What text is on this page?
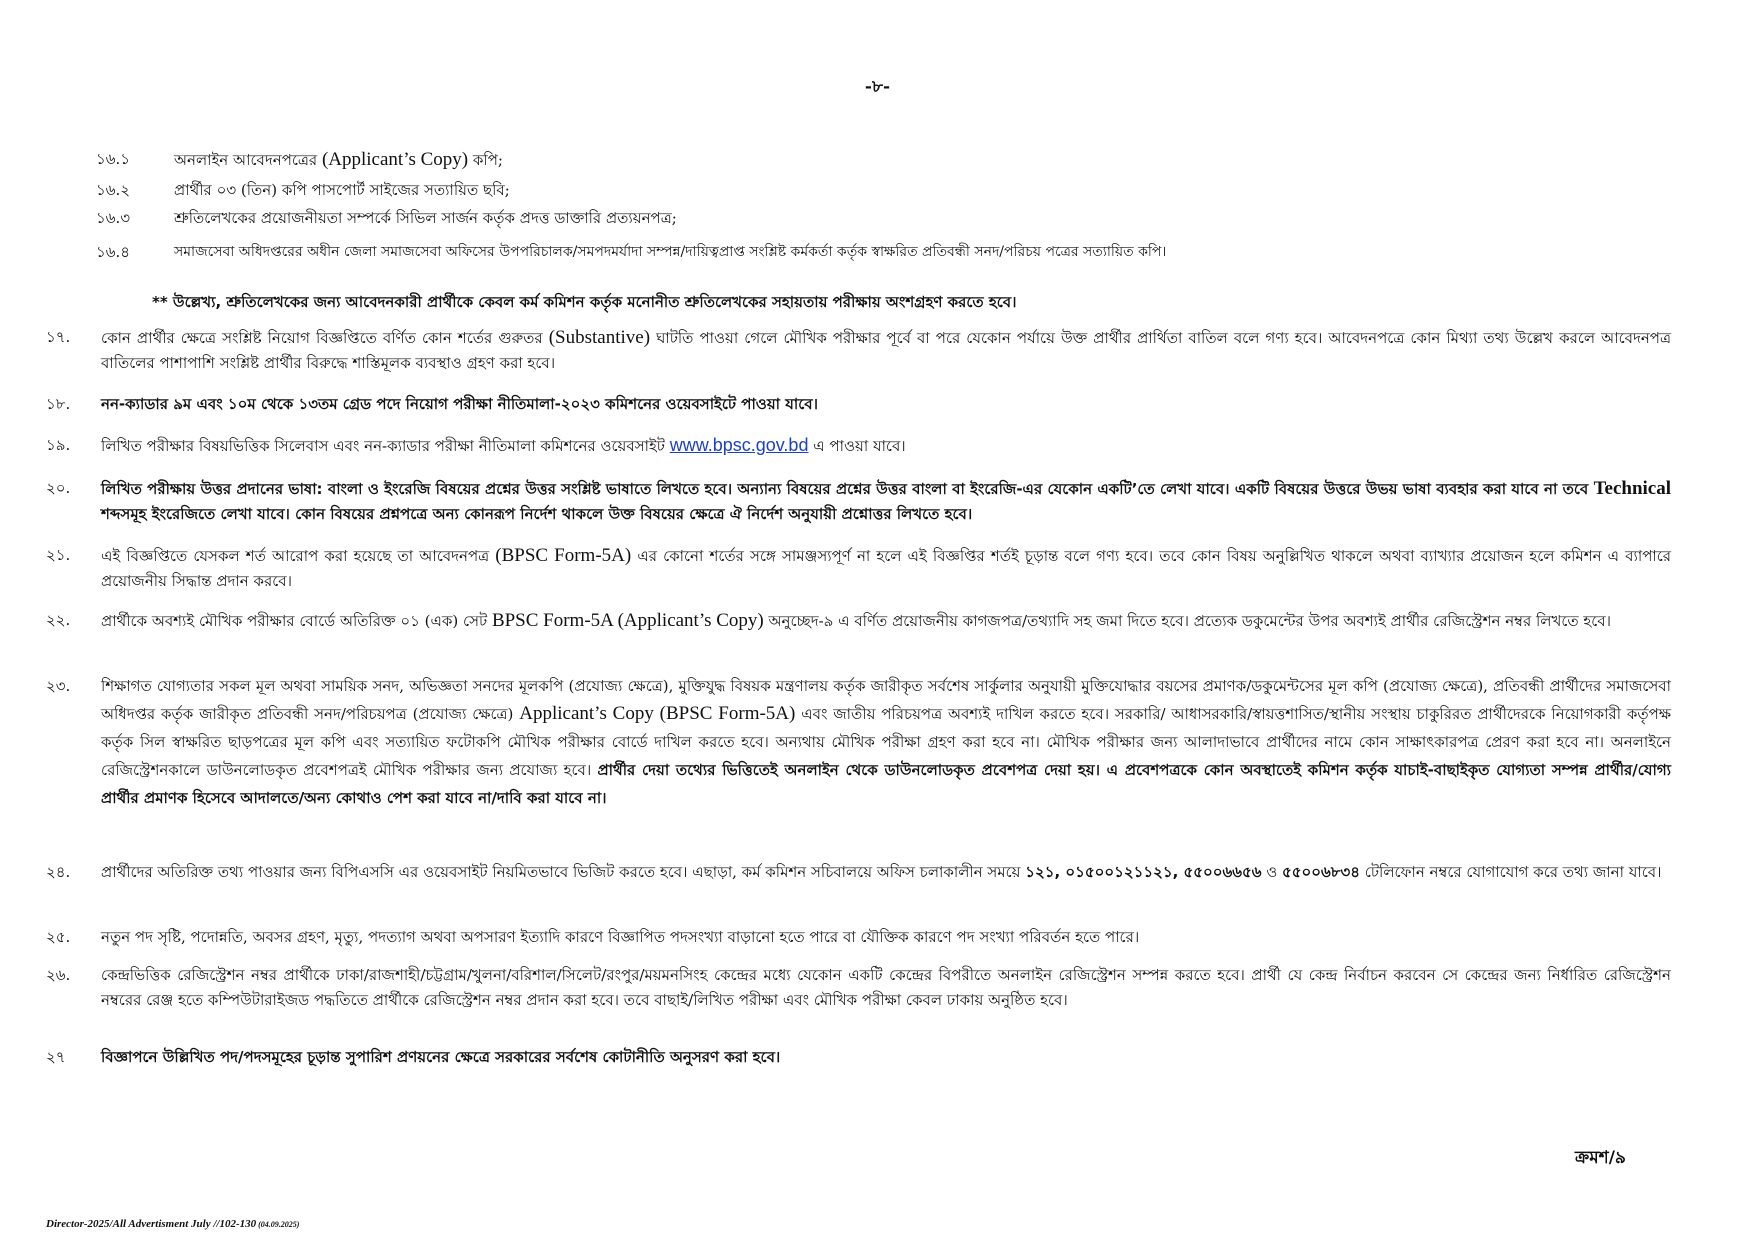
-৮-
১৬.১	অনলাইন আবেদনপত্রের (Applicant’s Copy) কপি;
১৬.২	প্রার্থীর ০৩ (তিন) কপি পাসপোর্ট সাইজের সত্যায়িত ছবি;
১৬.৩	শ্রুতিলেখকের প্রয়োজনীয়তা সম্পর্কে সিভিল সার্জন কর্তৃক প্রদত্ত ডাক্তারি প্রত্যয়নপত্র;
১৬.৪	সমাজসেবা অধিদপ্তরের অধীন জেলা সমাজসেবা অফিসের উপপরিচালক/সমপদমর্যাদা সম্পন্ন/দায়িত্বপ্রাপ্ত সংশ্লিষ্ট কর্মকর্তা কর্তৃক স্বাক্ষরিত প্রতিবন্ধী সনদ/পরিচয় পত্রের সত্যায়িত কপি।
** উল্লেখ্য, শ্রুতিলেখকের জন্য আবেদনকারী প্রার্থীকে কেবল কর্ম কমিশন কর্তৃক মনোনীত শ্রুতিলেখকের সহায়তায় পরীক্ষায় অংশগ্রহণ করতে হবে।
১৭.	কোন প্রার্থীর ক্ষেত্রে সংশ্লিষ্ট নিয়োগ বিজ্ঞপ্তিতে বর্ণিত কোন শর্তের গুরুতর (Substantive) ঘাটতি পাওয়া গেলে মৌখিক পরীক্ষার পূর্বে বা পরে যেকোন পর্যায়ে উক্ত প্রার্থীর প্রার্থিতা বাতিল বলে গণ্য হবে। আবেদনপত্রে কোন মিথ্যা তথ্য উল্লেখ করলে আবেদনপত্র বাতিলের পাশাপাশি সংশ্লিষ্ট প্রার্থীর বিরুদ্ধে শাস্তিমূলক ব্যবস্থাও গ্রহণ করা হবে।
১৮.	নন-ক্যাডার ৯ম এবং ১০ম থেকে ১৩তম গ্রেড পদে নিয়োগ পরীক্ষা নীতিমালা-২০২৩ কমিশনের ওয়েবসাইটে পাওয়া যাবে।
১৯.	লিখিত পরীক্ষার বিষয়ভিত্তিক সিলেবাস এবং নন-ক্যাডার পরীক্ষা নীতিমালা কমিশনের ওয়েবসাইট www.bpsc.gov.bd এ পাওয়া যাবে।
২০.	লিখিত পরীক্ষায় উত্তর প্রদানের ভাষা: বাংলা ও ইংরেজি বিষয়ের প্রশ্নের উত্তর সংশ্লিষ্ট ভাষাতে লিখতে হবে। অন্যান্য বিষয়ের প্রশ্নের উত্তর বাংলা বা ইংরেজি-এর যেকোন একটি’তে লেখা যাবে। একটি বিষয়ের উত্তরে উভয় ভাষা ব্যবহার করা যাবে না তবে Technical শব্দসমূহ ইংরেজিতে লেখা যাবে। কোন বিষয়ের প্রশ্নপত্রে অন্য কোনরূপ নির্দেশ থাকলে উক্ত বিষয়ের ক্ষেত্রে ঐ নির্দেশ অনুযায়ী প্রশ্নোত্তর লিখতে হবে।
২১.	এই বিজ্ঞপ্তিতে যেসকল শর্ত আরোপ করা হয়েছে তা আবেদনপত্র (BPSC Form-5A) এর কোনো শর্তের সঙ্গে সামঞ্জস্যপূর্ণ না হলে এই বিজ্ঞপ্তির শর্তই চূড়ান্ত বলে গণ্য হবে। তবে কোন বিষয় অনুল্লিখিত থাকলে অথবা ব্যাখ্যার প্রয়োজন হলে কমিশন এ ব্যাপারে প্রয়োজনীয় সিদ্ধান্ত প্রদান করবে।
২২.	প্রার্থীকে অবশ্যই মৌখিক পরীক্ষার বোর্ডে অতিরিক্ত ০১ (এক) সেট BPSC Form-5A (Applicant’s Copy) অনুচ্ছেদ-৯ এ বর্ণিত প্রয়োজনীয় কাগজপত্র/তথ্যাদি সহ জমা দিতে হবে। প্রত্যেক ডকুমেন্টের উপর অবশ্যই প্রার্থীর রেজিস্ট্রেশন নম্বর লিখতে হবে।
২৩.	শিক্ষাগত যোগ্যতার সকল মূল অথবা সাময়িক সনদ, অভিজ্ঞতা সনদের মূলকপি (প্রযোজ্য ক্ষেত্রে), মুক্তিযুদ্ধ বিষয়ক মন্ত্রণালয় কর্তৃক জারীকৃত সর্বশেষ সার্কুলার অনুযায়ী মুক্তিযোদ্ধার বয়সের প্রমাণক/ডকুমেন্টসের মূল কপি (প্রযোজ্য ক্ষেত্রে), প্রতিবন্ধী প্রার্থীদের সমাজসেবা অধিদপ্তর কর্তৃক জারীকৃত প্রতিবন্ধী সনদ/পরিচয়পত্র (প্রযোজ্য ক্ষেত্রে) Applicant’s Copy (BPSC Form-5A) এবং জাতীয় পরিচয়পত্র অবশ্যই দাখিল করতে হবে। সরকারি/ আধাসরকারি/স্বায়ত্তশাসিত/স্থানীয় সংস্থায় চাকুরিরত প্রার্থীদেরকে নিয়োগকারী কর্তৃপক্ষ কর্তৃক সিল স্বাক্ষরিত ছাড়পত্রের মূল কপি এবং সত্যায়িত ফটোকপি মৌখিক পরীক্ষার বোর্ডে দাখিল করতে হবে। অন্যথায় মৌখিক পরীক্ষা গ্রহণ করা হবে না। মৌখিক পরীক্ষার জন্য আলাদাভাবে প্রার্থীদের নামে কোন সাক্ষাৎকারপত্র প্রেরণ করা হবে না। অনলাইনে রেজিস্ট্রেশনকালে ডাউনলোডকৃত প্রবেশপত্রই মৌখিক পরীক্ষার জন্য প্রযোজ্য হবে। প্রার্থীর দেয়া তথ্যের ভিত্তিতেই অনলাইন থেকে ডাউনলোডকৃত প্রবেশপত্র দেয়া হয়। এ প্রবেশপত্রকে কোন অবস্থাতেই কমিশন কর্তৃক যাচাই-বাছাইকৃত যোগ্যতা সম্পন্ন প্রার্থীর/যোগ্য প্রার্থীর প্রমাণক হিসেবে আদালতে/অন্য কোথাও পেশ করা যাবে না/দাবি করা যাবে না।
২৪.	প্রার্থীদের অতিরিক্ত তথ্য পাওয়ার জন্য বিপিএসসি এর ওয়েবসাইট নিয়মিতভাবে ভিজিট করতে হবে। এছাড়া, কর্ম কমিশন সচিবালয়ে অফিস চলাকালীন সময়ে ১২১, ০১৫০০১২১১২১, ৫৫০০৬৬৫৬ ও ৫৫০০৬৮৩৪ টেলিফোন নম্বরে যোগাযোগ করে তথ্য জানা যাবে।
২৫.	নতুন পদ সৃষ্টি, পদোন্নতি, অবসর গ্রহণ, মৃত্যু, পদত্যাগ অথবা অপসারণ ইত্যাদি কারণে বিজ্ঞাপিত পদসংখ্যা বাড়ানো হতে পারে বা যৌক্তিক কারণে পদ সংখ্যা পরিবর্তন হতে পারে।
২৬.	কেন্দ্রভিত্তিক রেজিস্ট্রেশন নম্বর প্রার্থীকে ঢাকা/রাজশাহী/চট্টগ্রাম/খুলনা/বরিশাল/সিলেট/রংপুর/ময়মনসিংহ কেন্দ্রের মধ্যে যেকোন একটি কেন্দ্রের বিপরীতে অনলাইন রেজিস্ট্রেশন সম্পন্ন করতে হবে। প্রার্থী যে কেন্দ্র নির্বাচন করবেন সে কেন্দ্রের জন্য নির্ধারিত রেজিস্ট্রেশন নম্বরের রেঞ্জ হতে কম্পিউটারাইজড পদ্ধতিতে প্রার্থীকে রেজিস্ট্রেশন নম্বর প্রদান করা হবে। তবে বাছাই/লিখিত পরীক্ষা এবং মৌখিক পরীক্ষা কেবল ঢাকায় অনুষ্ঠিত হবে।
২৭	বিজ্ঞাপনে উল্লিখিত পদ/পদসমূহের চূড়ান্ত সুপারিশ প্রণয়নের ক্ষেত্রে সরকারের সর্বশেষ কোটানীতি অনুসরণ করা হবে।
ক্রমশ/৯
Director-2025/All Advertisment July //102-130 (04.09.2025)
